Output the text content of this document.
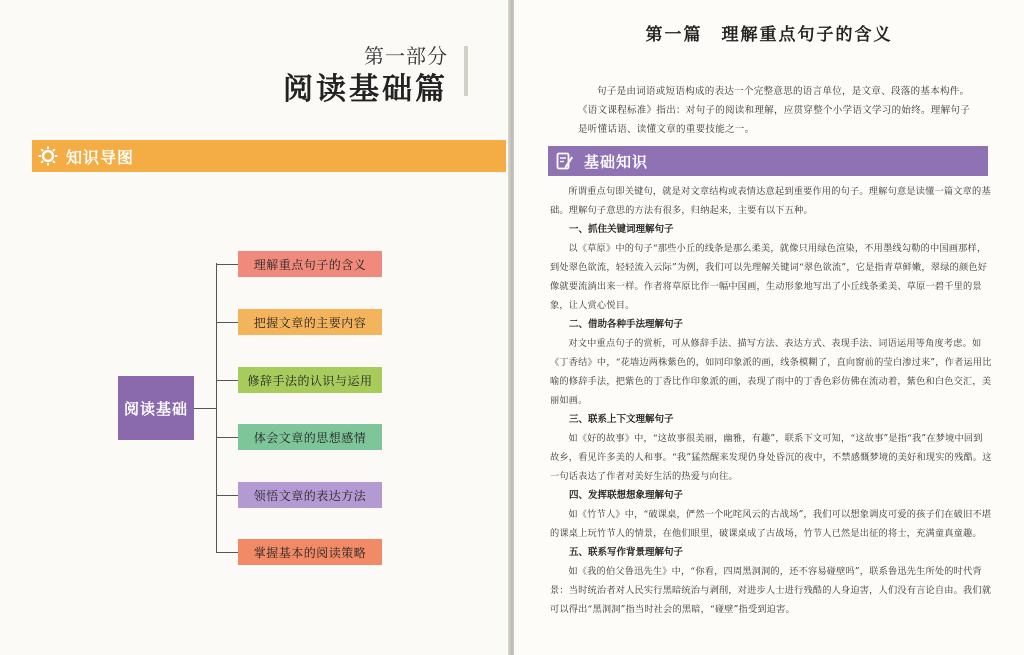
第一部分
阅读基础篇
知识导图
阅读基础
理解重点句子的含义
把握文章的主要内容
修辞手法的认识与运用
体会文章的思想感情
领悟文章的表达方法
掌握基本的阅读策略
第一篇　理解重点句子的含义

句子是由词语或短语构成的表达一个完整意思的语言单位，是文章、段落的基本构件。《语文课程标准》指出：对句子的阅读和理解，应贯穿整个小学语文学习的始终。理解句子是听懂话语、读懂文章的重要技能之一。

基础知识

所谓重点句即关键句，就是对文章结构或表情达意起到重要作用的句子。理解句意是读懂一篇文章的基础。理解句子意思的方法有很多，归纳起来，主要有以下五种。

一、抓住关键词理解句子

以《草原》中的句子“那些小丘的线条是那么柔美，就像只用绿色渲染，不用墨线勾勒的中国画那样，到处翠色欲流，轻轻流入云际”为例，我们可以先理解关键词“翠色欲流”，它是指青草鲜嫩，翠绿的颜色好像就要流淌出来一样。作者将草原比作一幅中国画，生动形象地写出了小丘线条柔美、草原一碧千里的景象，让人赏心悦目。

二、借助各种手法理解句子

对文中重点句子的赏析，可从修辞手法、描写方法、表达方式、表现手法、词语运用等角度考虑。如《丁香结》中，“花墙边两株紫色的，如同印象派的画，线条模糊了，直向窗前的莹白渗过来”，作者运用比喻的修辞手法，把紫色的丁香比作印象派的画，表现了雨中的丁香色彩仿佛在流动着，紫色和白色交汇，美丽如画。

三、联系上下文理解句子

如《好的故事》中，“这故事很美丽，幽雅，有趣”，联系下文可知，“这故事”是指“我”在梦境中回到故乡，看见许多美的人和事。“我”猛然醒来发现仍身处昏沉的夜中，不禁感慨梦境的美好和现实的残酷。这一句话表达了作者对美好生活的热爱与向往。

四、发挥联想想象理解句子

如《竹节人》中，“破课桌，俨然一个叱咤风云的古战场”，我们可以想象调皮可爱的孩子们在破旧不堪的课桌上玩竹节人的情景，在他们眼里，破课桌成了古战场，竹节人已然是出征的将士，充满童真童趣。

五、联系写作背景理解句子

如《我的伯父鲁迅先生》中，“你看，四周黑洞洞的，还不容易碰壁吗”，联系鲁迅先生所处的时代背景：当时统治者对人民实行黑暗统治与剥削，对进步人士进行残酷的人身迫害，人们没有言论自由。我们就可以得出“黑洞洞”指当时社会的黑暗，“碰壁”指受到迫害。
